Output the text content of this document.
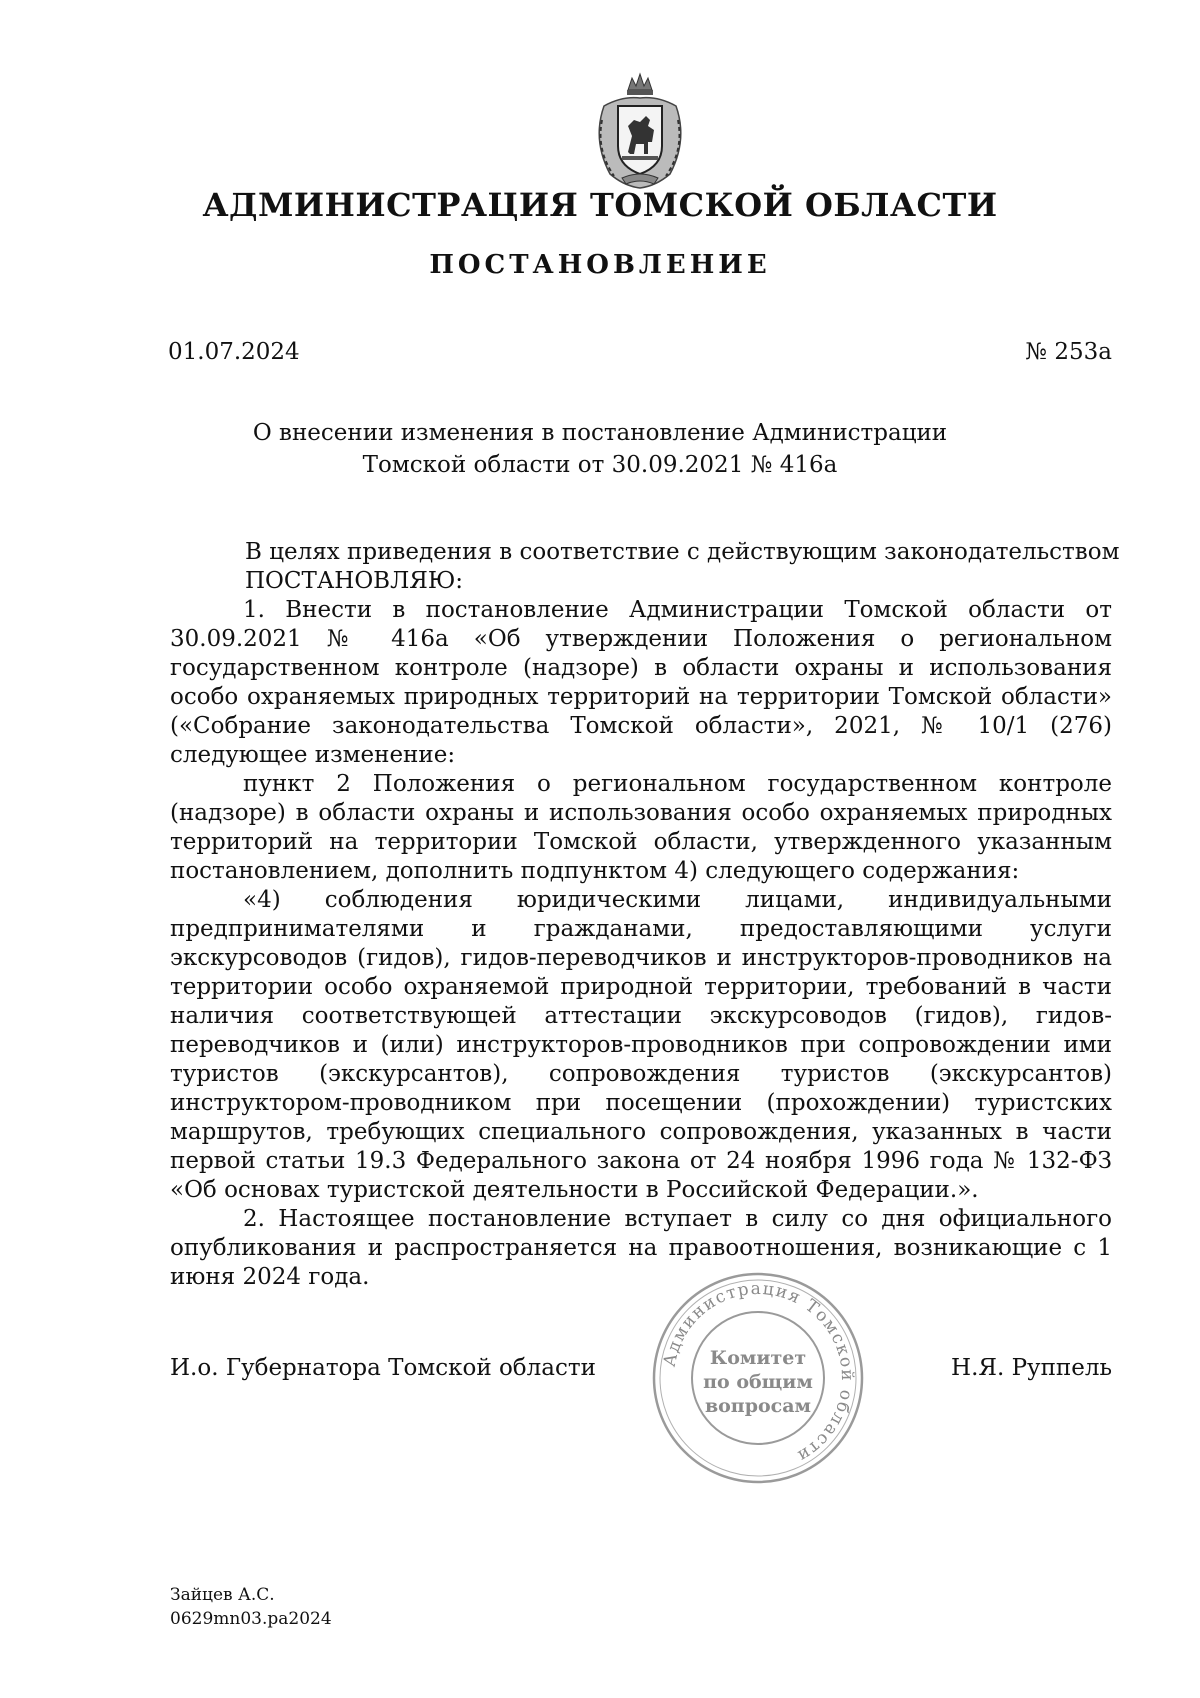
АДМИНИСТРАЦИЯ ТОМСКОЙ ОБЛАСТИ
ПОСТАНОВЛЕНИЕ
01.07.2024	№ 253а
О внесении изменения в постановление Администрации
Томской области от 30.09.2021 № 416а

В целях приведения в соответствие с действующим законодательством

ПОСТАНОВЛЯЮ:

1. Внести в постановление Администрации Томской области от 30.09.2021 № 416а «Об утверждении Положения о региональном государственном контроле (надзоре) в области охраны и использования особо охраняемых природных территорий на территории Томской области» («Собрание законодательства Томской области», 2021, № 10/1 (276) следующее изменение:

пункт 2 Положения о региональном государственном контроле (надзоре) в области охраны и использования особо охраняемых природных территорий на территории Томской области, утвержденного указанным постановлением, дополнить подпунктом 4) следующего содержания:

«4) соблюдения юридическими лицами, индивидуальными предпринимателями и гражданами, предоставляющими услуги экскурсоводов (гидов), гидов-переводчиков и инструкторов-проводников на территории особо охраняемой природной территории, требований в части наличия соответствующей аттестации экскурсоводов (гидов), гидов-переводчиков и (или) инструкторов-проводников при сопровождении ими туристов (экскурсантов), сопровождения туристов (экскурсантов) инструктором-проводником при посещении (прохождении) туристских маршрутов, требующих специального сопровождения, указанных в части первой статьи 19.3 Федерального закона от 24 ноября 1996 года № 132-ФЗ «Об основах туристской деятельности в Российской Федерации.».

2. Настоящее постановление вступает в силу со дня официального опубликования и распространяется на правоотношения, возникающие с 1 июня 2024 года.

И.о. Губернатора Томской области	Н.Я. Руппель
Администрация Томской области
Комитет
по общим
вопросам
Зайцев А.С.
0629mn03.pa2024
